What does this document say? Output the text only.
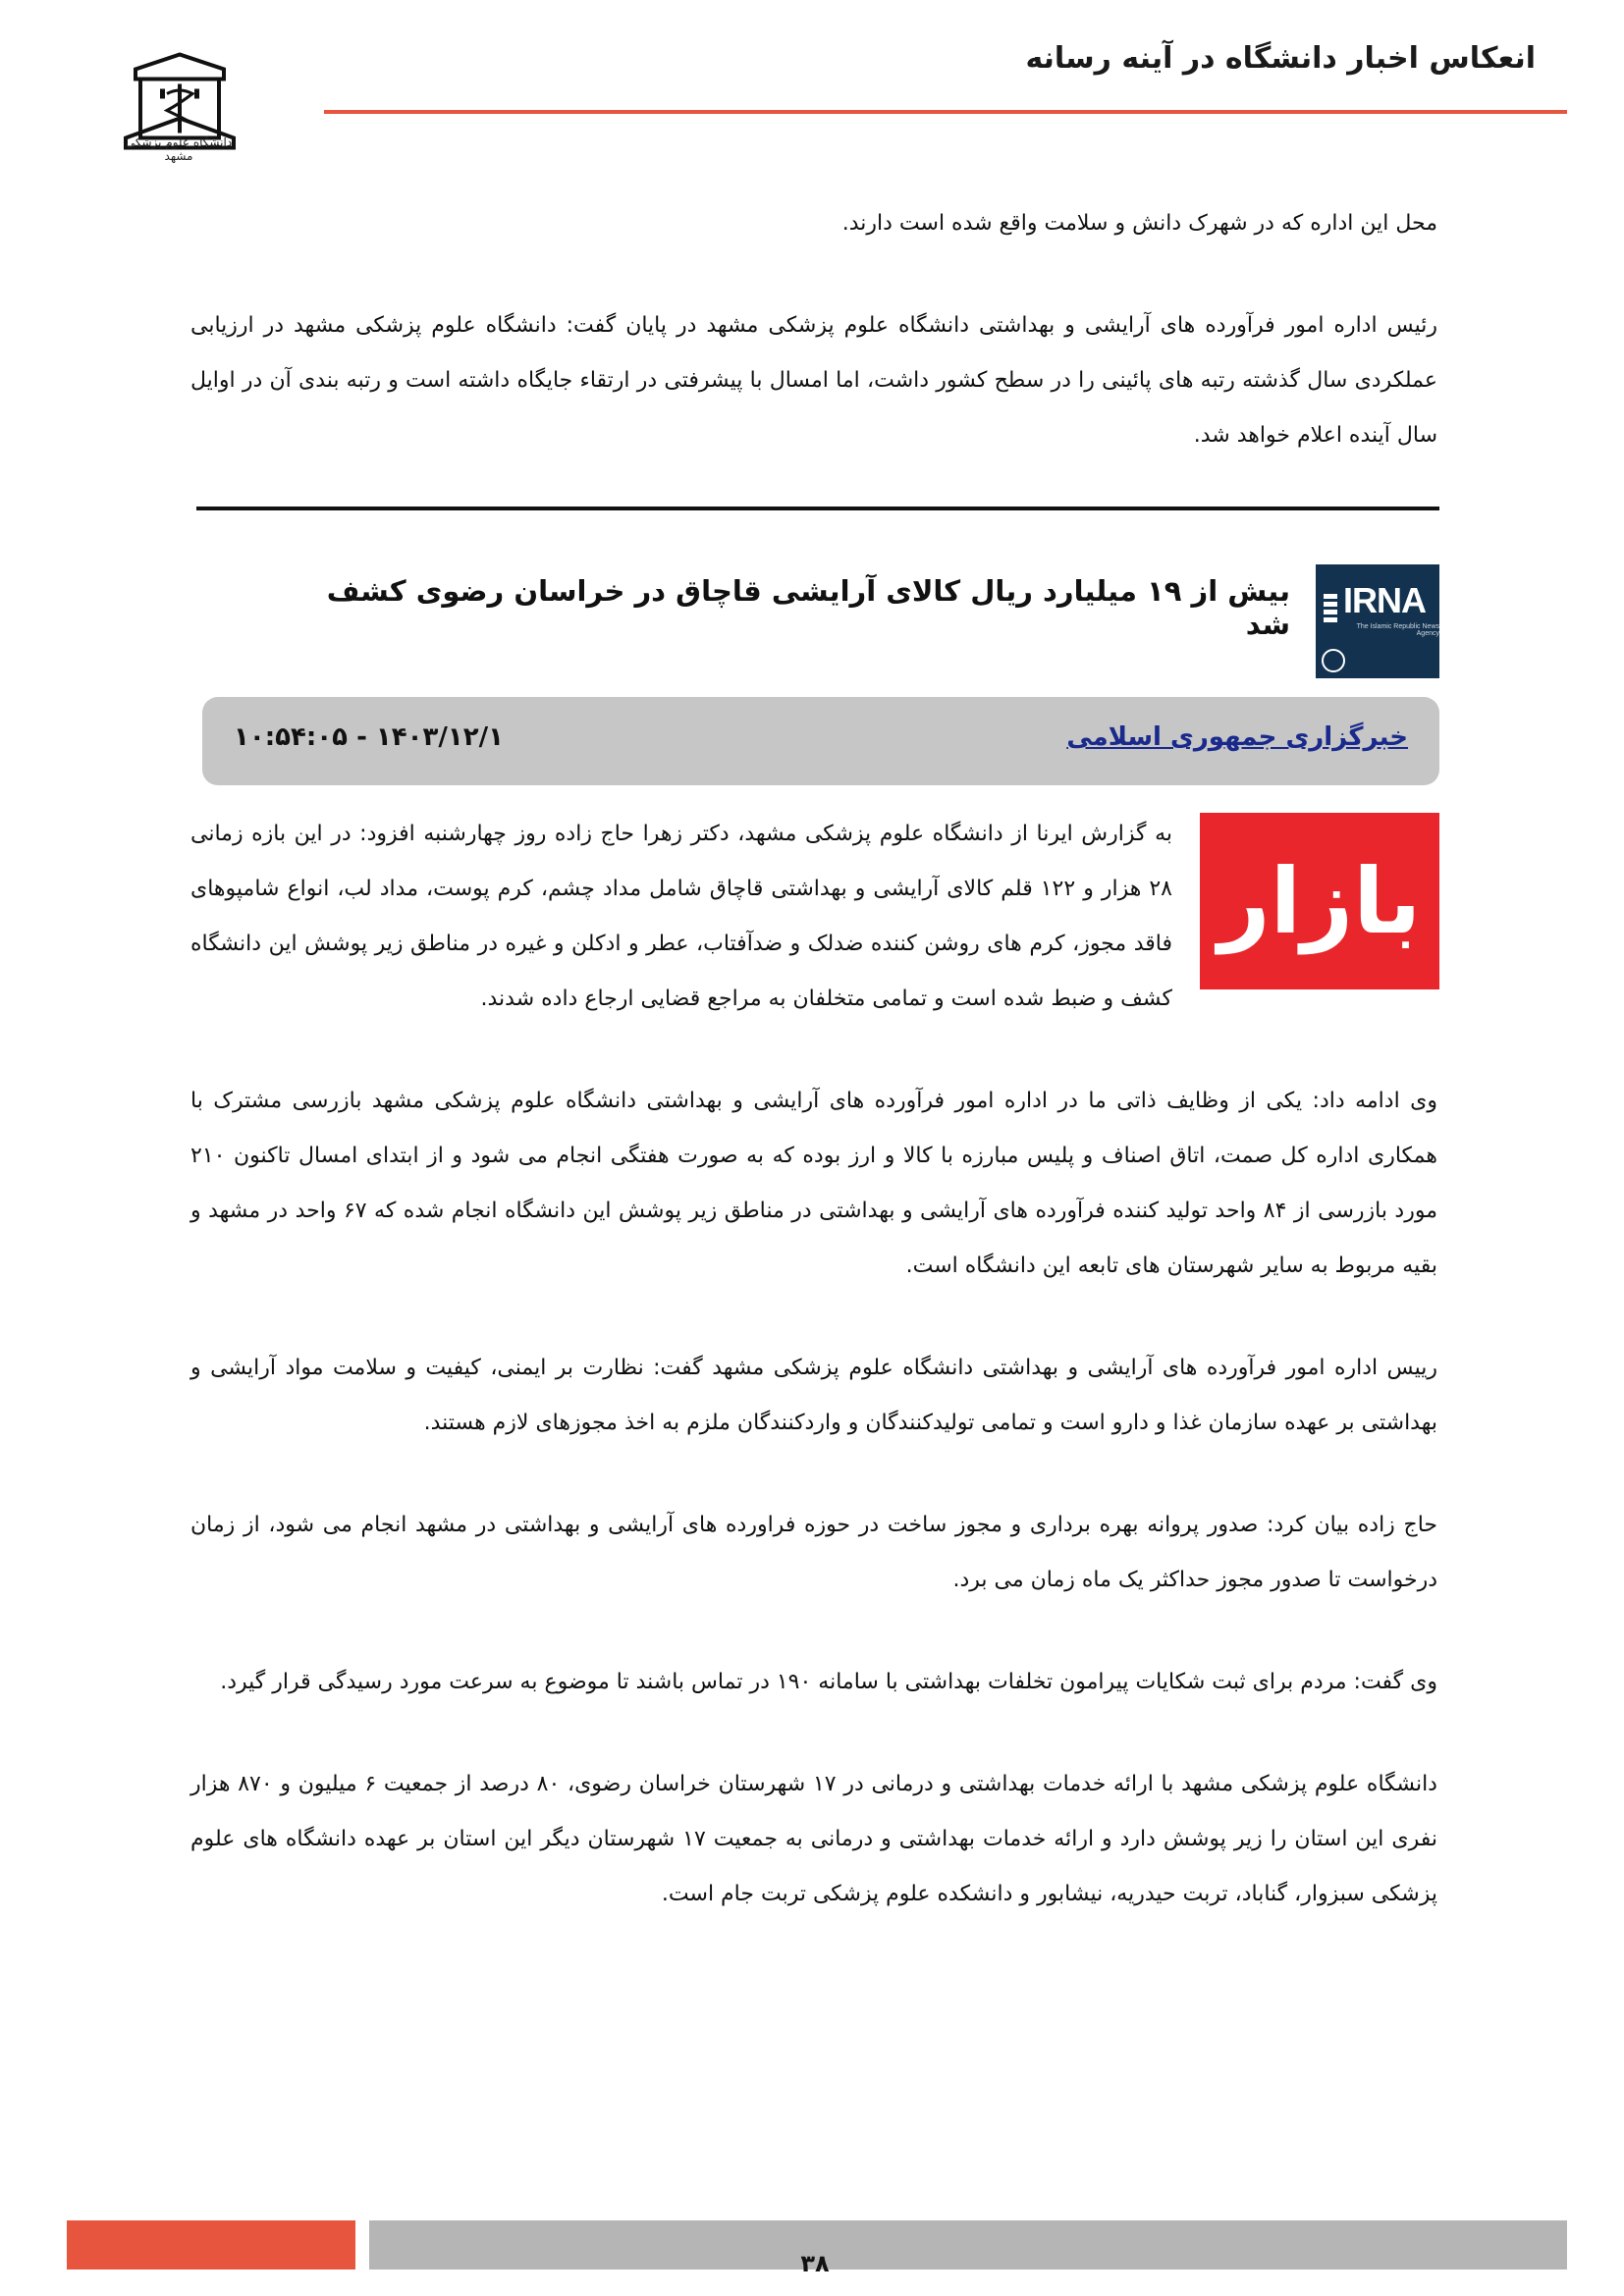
انعکاس اخبار دانشگاه در آینه رسانه
دانشگاه علوم پزشکی مشهد
محل این اداره که در شهرک دانش و سلامت واقع شده است دارند.
رئیس اداره امور فرآورده های آرایشی و بهداشتی دانشگاه علوم پزشکی مشهد در پایان گفت: دانشگاه علوم پزشکی مشهد در ارزیابی عملکردی سال گذشته رتبه های پائینی را در سطح کشور داشت، اما امسال با پیشرفتی در ارتقاء جایگاه داشته است و رتبه بندی آن در اوایل سال آینده اعلام خواهد شد.
IRNA
The Islamic Republic News Agency
بیش از ۱۹ میلیارد ریال کالای آرایشی قاچاق در خراسان رضوی کشف شد
خبرگزاری جمهوری اسلامی
۱۴۰۳/۱۲/۱ - ۱۰:۵۴:۰۵
بازار

به گزارش ایرنا از دانشگاه علوم پزشکی مشهد، دکتر زهرا حاج زاده روز چهارشنبه افزود: در این بازه زمانی ۲۸ هزار و ۱۲۲ قلم کالای آرایشی و بهداشتی قاچاق شامل مداد چشم، کرم پوست، مداد لب، انواع شامپوهای فاقد مجوز، کرم های روشن کننده ضدلک و ضدآفتاب، عطر و ادکلن و غیره در مناطق زیر پوشش این دانشگاه کشف و ضبط شده است و تمامی متخلفان به مراجع قضایی ارجاع داده شدند.

وی ادامه داد: یکی از وظایف ذاتی ما در اداره امور فرآورده های آرایشی و بهداشتی دانشگاه علوم پزشکی مشهد بازرسی مشترک با همکاری اداره کل صمت، اتاق اصناف و پلیس مبارزه با کالا و ارز بوده که به صورت هفتگی انجام می شود و از ابتدای امسال تاکنون ۲۱۰ مورد بازرسی از ۸۴ واحد تولید کننده فرآورده های آرایشی و بهداشتی در مناطق زیر پوشش این دانشگاه انجام شده که ۶۷ واحد در مشهد و بقیه مربوط به سایر شهرستان های تابعه این دانشگاه است.

رییس اداره امور فرآورده های آرایشی و بهداشتی دانشگاه علوم پزشکی مشهد گفت: نظارت بر ایمنی، کیفیت و سلامت مواد آرایشی و بهداشتی بر عهده سازمان غذا و دارو است و تمامی تولیدکنندگان و واردکنندگان ملزم به اخذ مجوزهای لازم هستند.

حاج زاده بیان کرد: صدور پروانه بهره برداری و مجوز ساخت در حوزه فراورده های آرایشی و بهداشتی در مشهد انجام می شود، از زمان درخواست تا صدور مجوز حداکثر یک ماه زمان می برد.

وی گفت: مردم برای ثبت شکایات پیرامون تخلفات بهداشتی با سامانه ۱۹۰ در تماس باشند تا موضوع به سرعت مورد رسیدگی قرار گیرد.

دانشگاه علوم پزشکی مشهد با ارائه خدمات بهداشتی و درمانی در ۱۷ شهرستان خراسان رضوی، ۸۰ درصد از جمعیت ۶ میلیون و ۸۷۰ هزار نفری این استان را زیر پوشش دارد و ارائه خدمات بهداشتی و درمانی به جمعیت ۱۷ شهرستان دیگر این استان بر عهده دانشگاه های علوم پزشکی سبزوار، گناباد، تربت حیدریه، نیشابور و دانشکده علوم پزشکی تربت جام است.

۳۸
